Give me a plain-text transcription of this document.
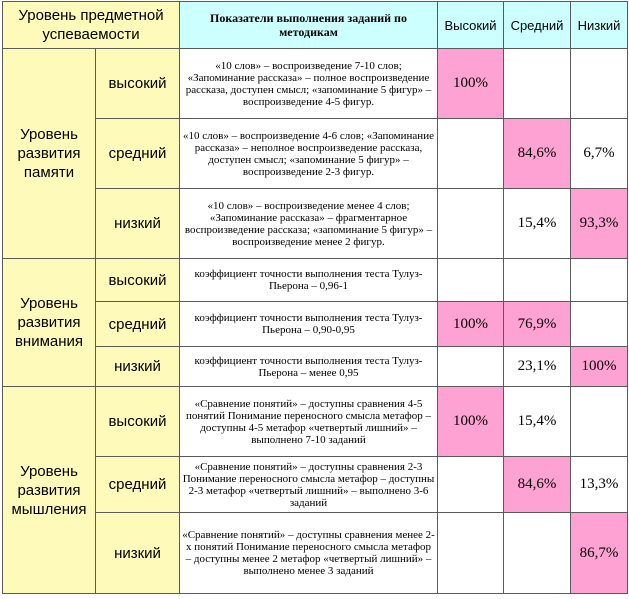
Уровень предметной успеваемости		Показатели выполнения заданий по методикам	Высокий	Средний	Низкий
Уровень развития памяти	высокий	«10 слов» – воспроизведение 7-10 слов; «Запоминание рассказа» – полное воспроизведение рассказа, доступен смысл; «запоминание 5 фигур» – воспроизведение 4-5 фигур.	100%		
	средний	«10 слов» – воспроизведение 4-6 слов; «Запоминание рассказа» – неполное воспроизведение рассказа, доступен смысл; «запоминание 5 фигур» – воспроизведение 2-3 фигур.		84,6%	6,7%
	низкий	«10 слов» – воспроизведение менее 4 слов; «Запоминание рассказа» – фрагментарное воспроизведение рассказа; «запоминание 5 фигур» – воспроизведение менее 2 фигур.		15,4%	93,3%
Уровень развития внимания	высокий	коэффициент точности выполнения теста Тулуз-Пьерона – 0,96-1			
	средний	коэффициент точности выполнения теста Тулуз-Пьерона – 0,90-0,95	100%	76,9%	
	низкий	коэффициент точности выполнения теста Тулуз-Пьерона – менее 0,95		23,1%	100%
Уровень развития мышления	высокий	«Сравнение понятий» – доступны сравнения 4-5 понятий Понимание переносного смысла метафор – доступны 4-5 метафор «четвертый лишний» – выполнено 7-10 заданий	100%	15,4%	
	средний	«Сравнение понятий» – доступны сравнения 2-3 Понимание переносного смысла метафор – доступны 2-3 метафор «четвертый лишний» – выполнено 3-6 заданий		84,6%	13,3%
	низкий	«Сравнение понятий» – доступны сравнения менее 2-х понятий Понимание переносного смысла метафор – доступны менее 2 метафор «четвертый лишний» – выполнено менее 3 заданий			86,7%
